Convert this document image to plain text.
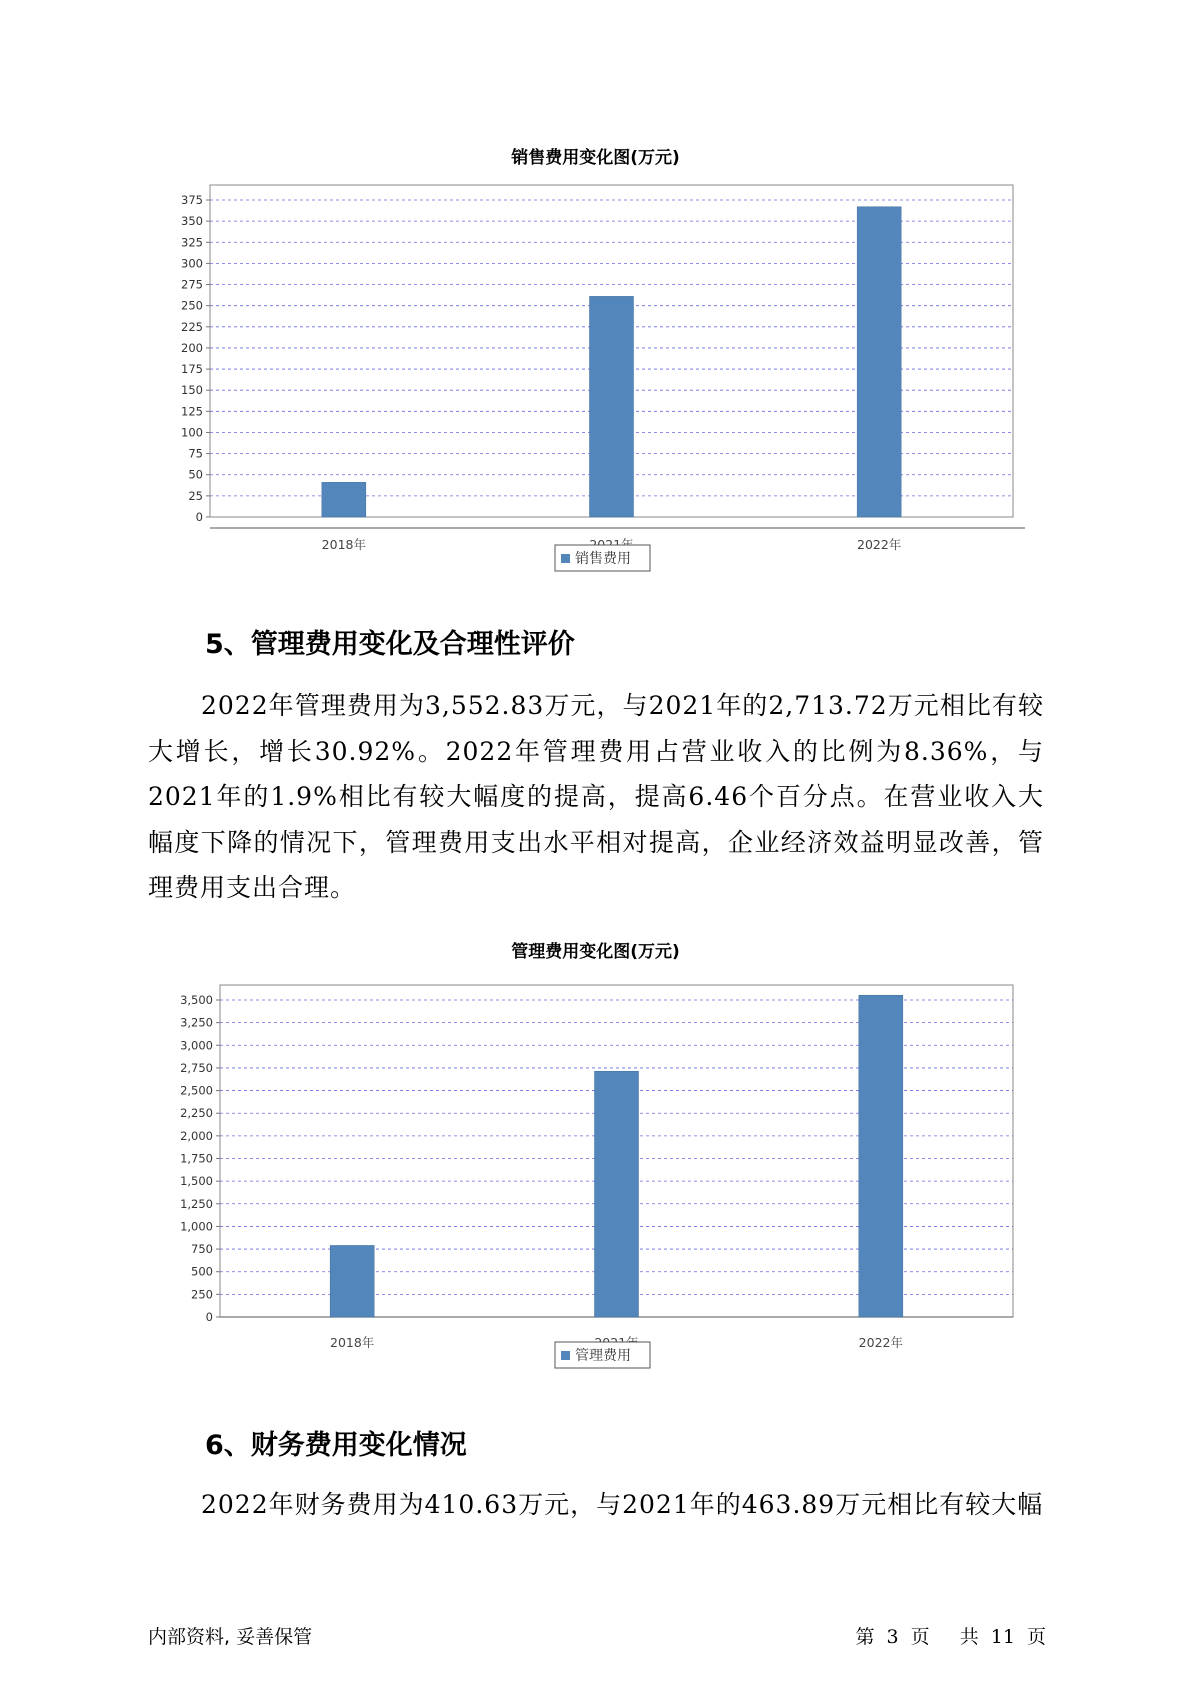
销售费用变化图(万元)
0
25
50
75
100
125
150
175
200
225
250
275
300
325
350
375
2018年	2022年
销售费用
5、管理费用变化及合理性评价

2022年管理费用为3,552.83万元，与2021年的2,713.72万元相比有较大增长，增长30.92%。2022年管理费用占营业收入的比例为8.36%，与2021年的1.9%相比有较大幅度的提高，提高6.46个百分点。在营业收入大幅度下降的情况下，管理费用支出水平相对提高，企业经济效益明显改善，管理费用支出合理。

管理费用变化图(万元)
0
250
500
750
1,000
1,250
1,500
1,750
2,000
2,250
2,500
2,750
3,000
3,250
3,500
2018年	2022年
管理费用
6、财务费用变化情况

2022年财务费用为410.63万元，与2021年的463.89万元相比有较大幅

内部资料, 妥善保管	第 3 页 共 11 页
